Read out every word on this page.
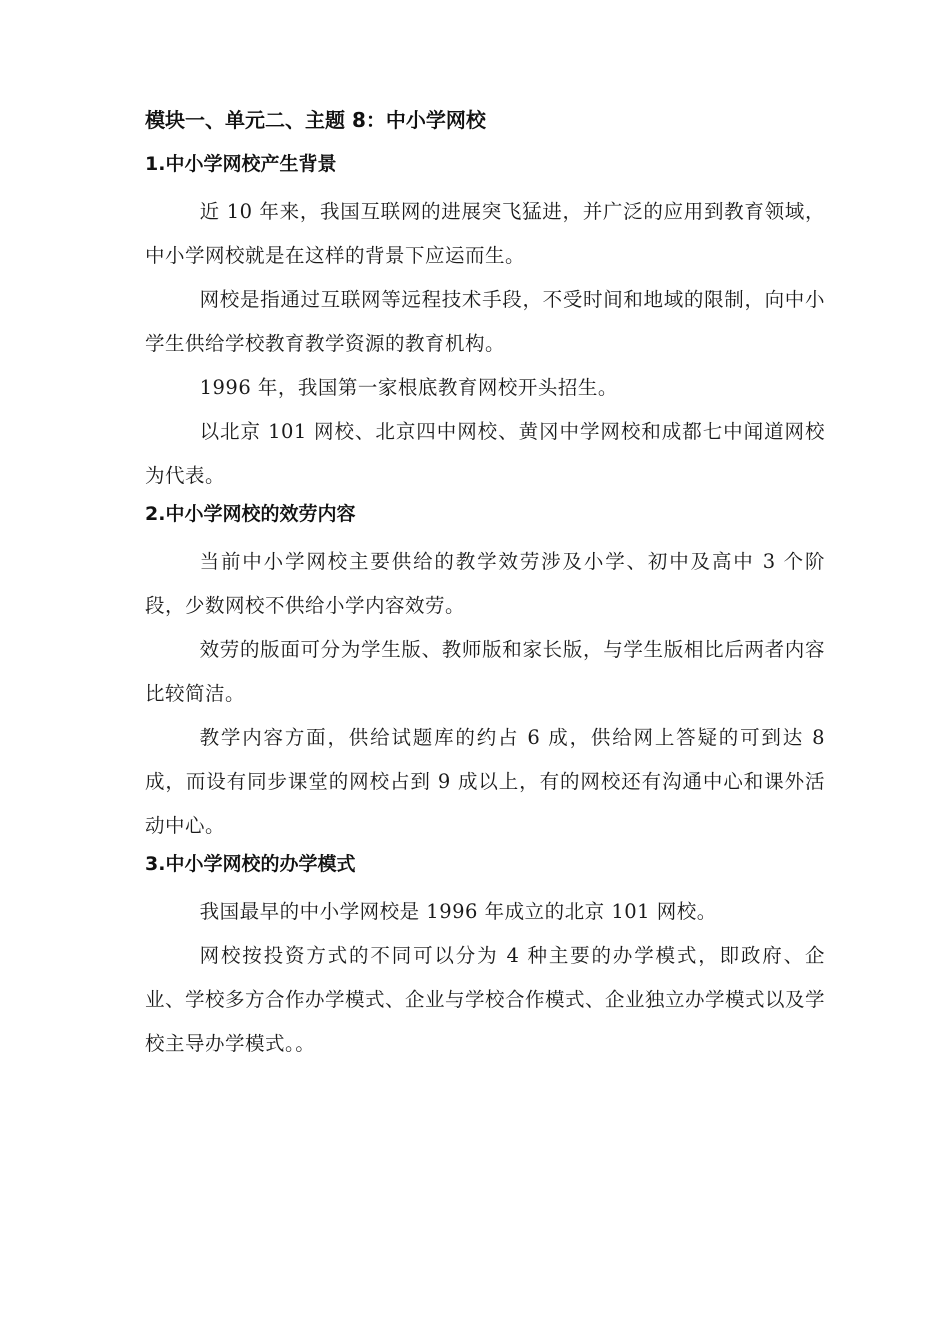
模块一、单元二、主题 8：中小学网校
1.中小学网校产生背景

近 10 年来，我国互联网的进展突飞猛进，并广泛的应用到教育领域，中小学网校就是在这样的背景下应运而生。

网校是指通过互联网等远程技术手段，不受时间和地域的限制，向中小学生供给学校教育教学资源的教育机构。

1996 年，我国第一家根底教育网校开头招生。

以北京 101 网校、北京四中网校、黄冈中学网校和成都七中闻道网校为代表。

2.中小学网校的效劳内容

当前中小学网校主要供给的教学效劳涉及小学、初中及高中 3 个阶段，少数网校不供给小学内容效劳。

效劳的版面可分为学生版、教师版和家长版，与学生版相比后两者内容比较简洁。

教学内容方面，供给试题库的约占 6 成，供给网上答疑的可到达 8 成，而设有同步课堂的网校占到 9 成以上，有的网校还有沟通中心和课外活动中心。

3.中小学网校的办学模式

我国最早的中小学网校是 1996 年成立的北京 101 网校。

网校按投资方式的不同可以分为 4 种主要的办学模式，即政府、企业、学校多方合作办学模式、企业与学校合作模式、企业独立办学模式以及学校主导办学模式。。
